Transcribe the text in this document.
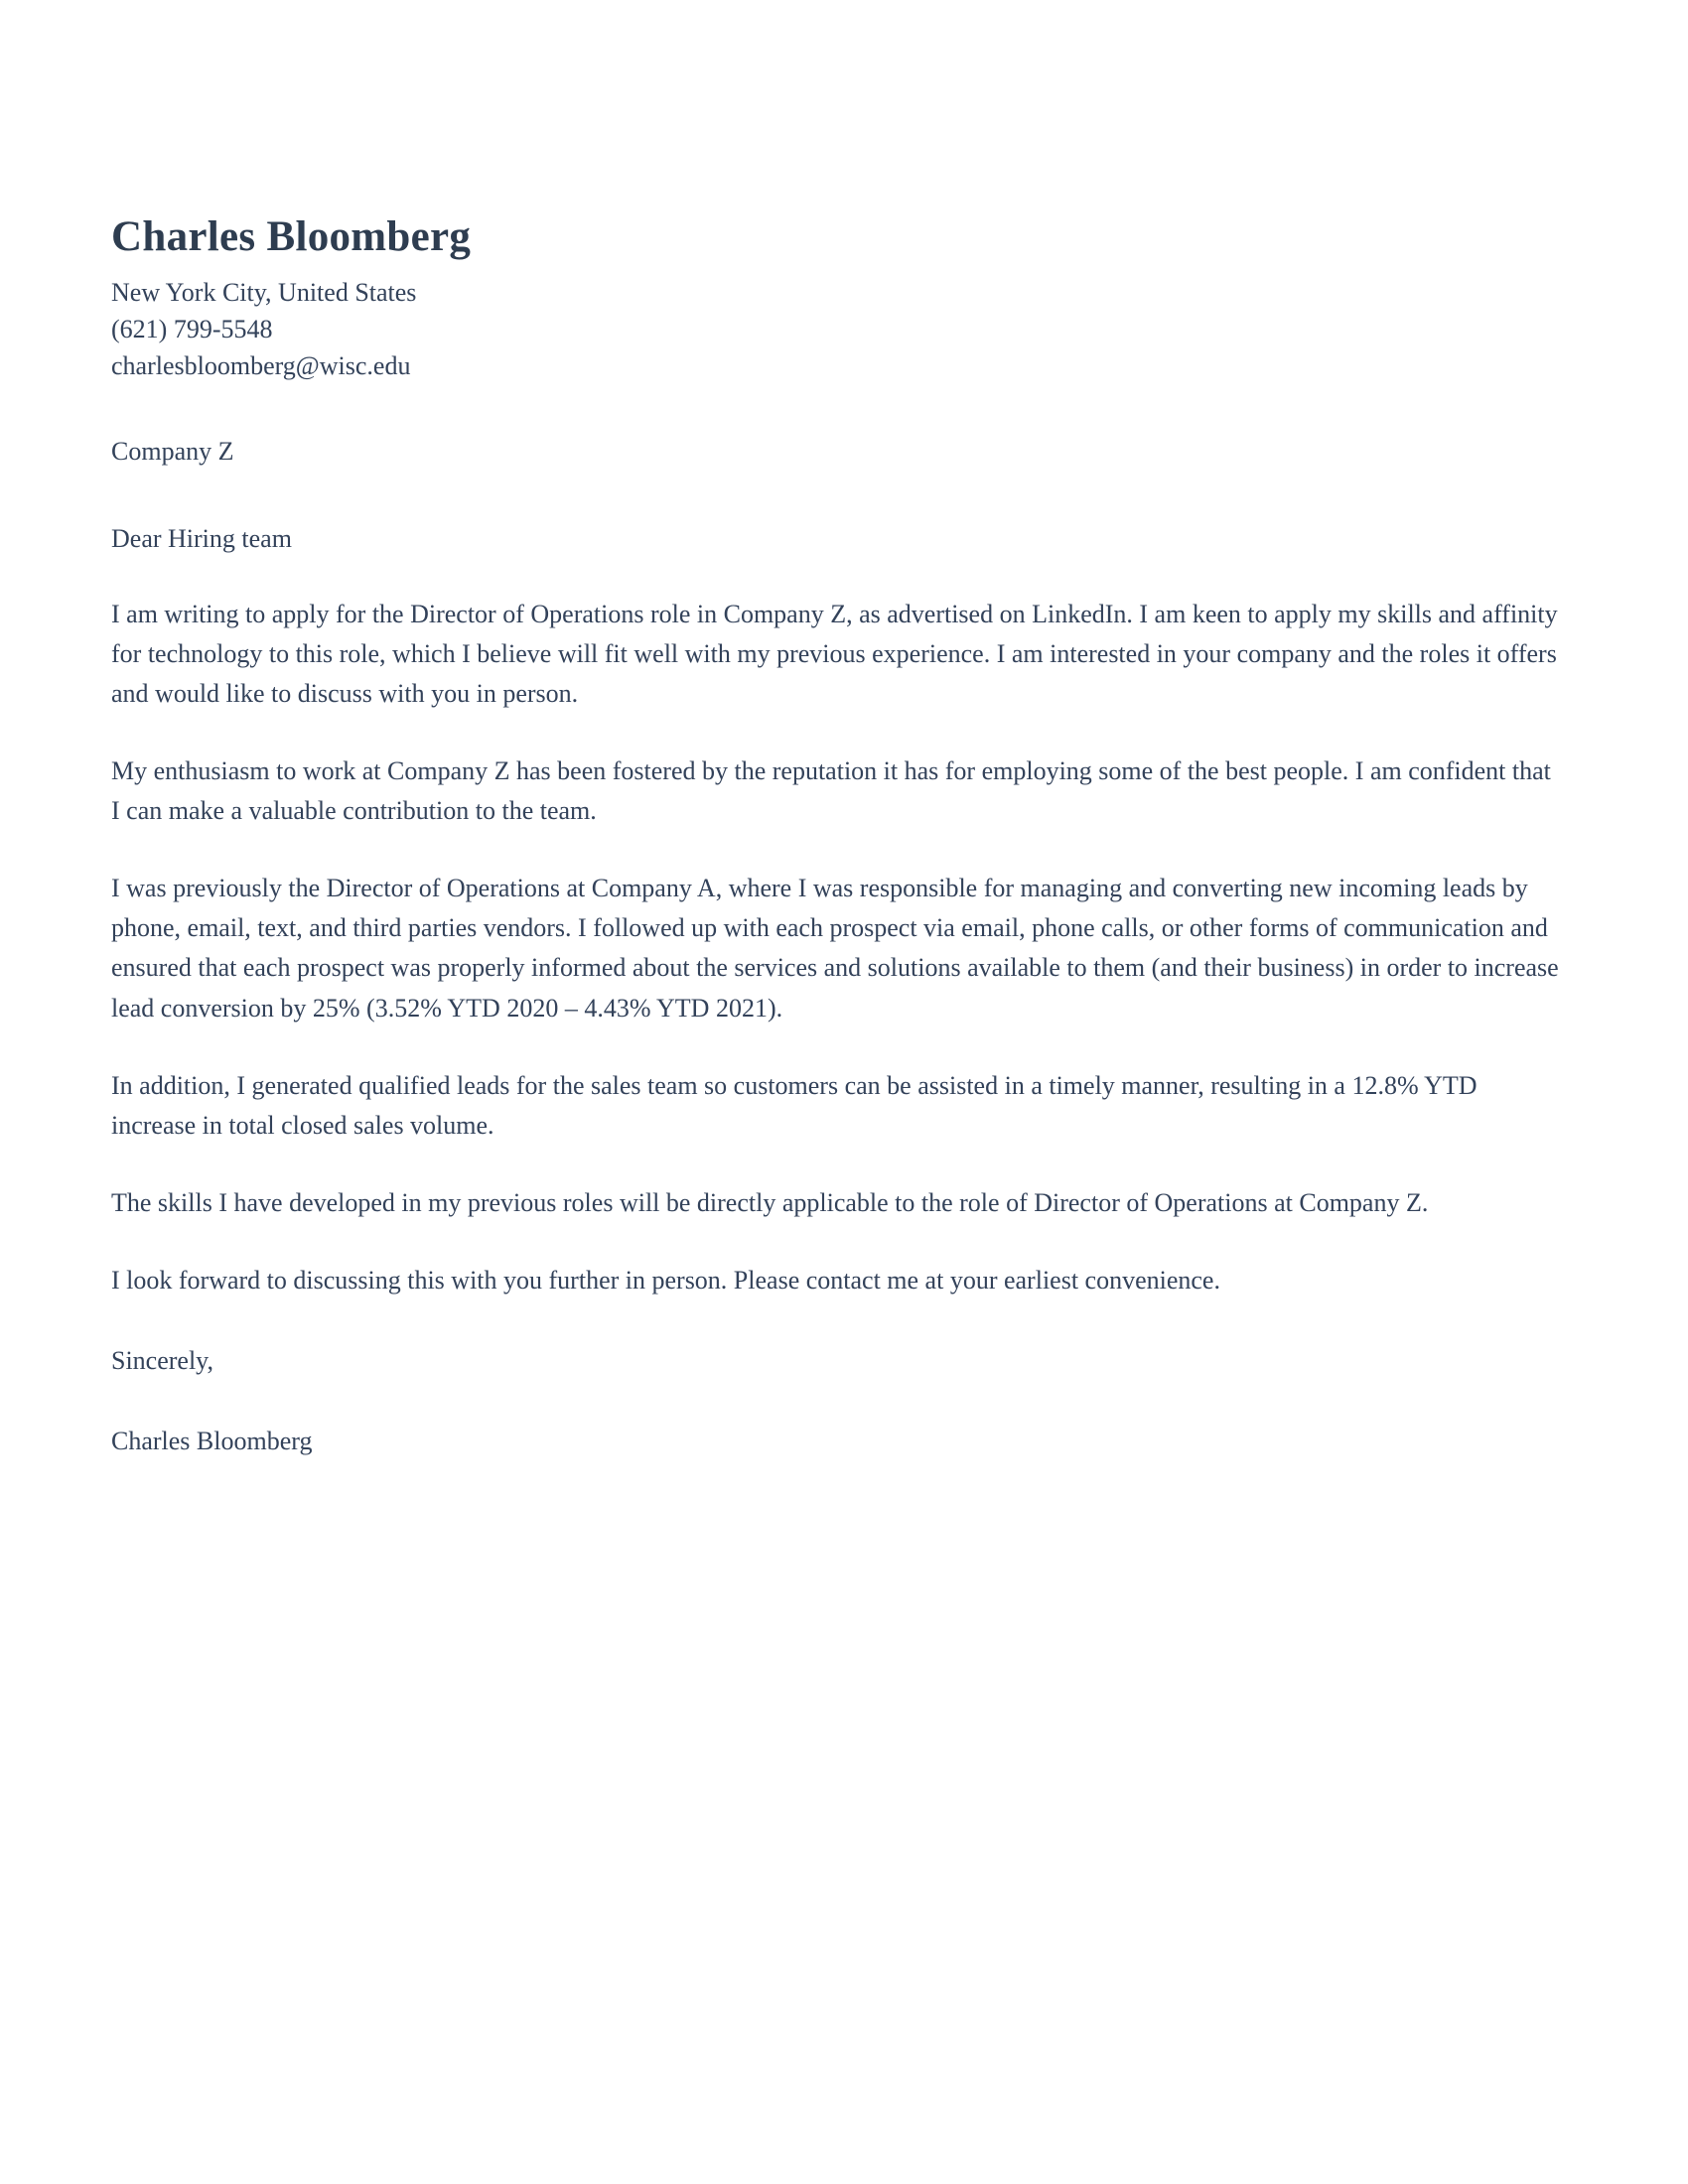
Charles Bloomberg

New York City, United States

(621) 799-5548

charlesbloomberg@wisc.edu

Company Z

Dear Hiring team

I am writing to apply for the Director of Operations role in Company Z, as advertised on LinkedIn. I am keen to apply my skills and affinity for technology to this role, which I believe will fit well with my previous experience. I am interested in your company and the roles it offers and would like to discuss with you in person.

My enthusiasm to work at Company Z has been fostered by the reputation it has for employing some of the best people. I am confident that I can make a valuable contribution to the team.

I was previously the Director of Operations at Company A, where I was responsible for managing and converting new incoming leads by phone, email, text, and third parties vendors. I followed up with each prospect via email, phone calls, or other forms of communication and ensured that each prospect was properly informed about the services and solutions available to them (and their business) in order to increase lead conversion by 25% (3.52% YTD 2020 – 4.43% YTD 2021).

In addition, I generated qualified leads for the sales team so customers can be assisted in a timely manner, resulting in a 12.8% YTD increase in total closed sales volume.

The skills I have developed in my previous roles will be directly applicable to the role of Director of Operations at Company Z.

I look forward to discussing this with you further in person. Please contact me at your earliest convenience.

Sincerely,

Charles Bloomberg
